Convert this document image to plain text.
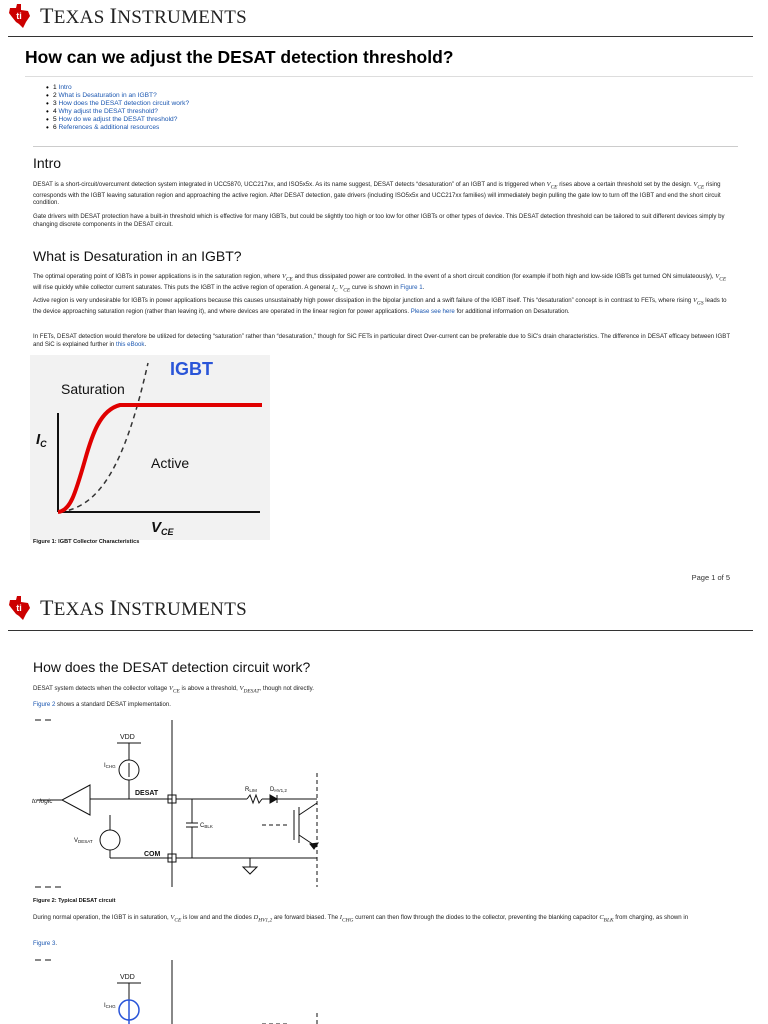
ti TEXAS INSTRUMENTS
How can we adjust the DESAT detection threshold?
• 1 Intro
• 2 What is Desaturation in an IGBT?
• 3 How does the DESAT detection circuit work?
• 4 Why adjust the DESAT threshold?
• 5 How do we adjust the DESAT threshold?
• 6 References & additional resources
Intro

DESAT is a short-circuit/overcurrent detection system integrated in UCC5870, UCC217xx, and ISO5x5x. As its name suggest, DESAT detects “desaturation” of an IGBT and is triggered when $V_{CE}$ rises above a certain threshold set by the design. $V_{CE}$ rising corresponds with the IGBT leaving saturation region and approaching the active region. After DESAT detection, gate drivers (including ISO5x5x and UCC217xx families) will immediately begin pulling the gate low to turn off the IGBT and end the short circuit condition.

Gate drivers with DESAT protection have a built-in threshold which is effective for many IGBTs, but could be slightly too high or too low for other IGBTs or other types of device. This DESAT detection threshold can be tailored to suit different devices simply by changing discrete components in the DESAT circuit.

What is Desaturation in an IGBT?

The optimal operating point of IGBTs in power applications is in the saturation region, where $V_{CE}$ and thus dissipated power are controlled. In the event of a short circuit condition (for example if both high and low-side IGBTs get turned ON simulateously), $V_{CE}$ will rise quickly while collector current saturates. This puts the IGBT in the active region of operation. A general $I_C$ $V_{CE}$ curve is shown in Figure 1.

Active region is very undesirable for IGBTs in power applications because this causes unsustainably high power dissipation in the bipolar junction and a swift failure of the IGBT itself. This “desaturation” concept is in contrast to FETs, where rising $V_{GS}$ leads to the device approaching saturation region (rather than leaving it), and where devices are operated in the linear region for power applications. Please see here for additional information on Desaturation.

In FETs, DESAT detection would therefore be utilized for detecting “saturation” rather than “desaturation,” though for SiC FETs in particular direct Over-current can be preferable due to SiC's drain characteristics. The difference in DESAT efficacy between IGBT and SiC is explained further in this eBook.

IGBT
Saturation
Active
$I_C$
$V_{CE}$
Figure 1: IGBT Collector Characteristics
Page 1 of 5
ti TEXAS INSTRUMENTS
How does the DESAT detection circuit work?

DESAT system detects when the collector voltage $V_{CE}$ is above a threshold, $V_{DESAT}$, though not directly.

Figure 2 shows a standard DESAT implementation.

VDD
ICHG
DESAT
COM
to logic
VDESAT
RLIM DHV1,2
CBLK
Figure 2: Typical DESAT circuit

During normal operation, the IGBT is in saturation, $V_{CE}$ is low and and the diodes $D_{HV1,2}$ are forward biased. The $I_{CHG}$ current can then flow through the diodes to the collector, preventing the blanking capacitor $C_{BLK}$ from charging, as shown in

Figure 3.

VDD
ICHG
